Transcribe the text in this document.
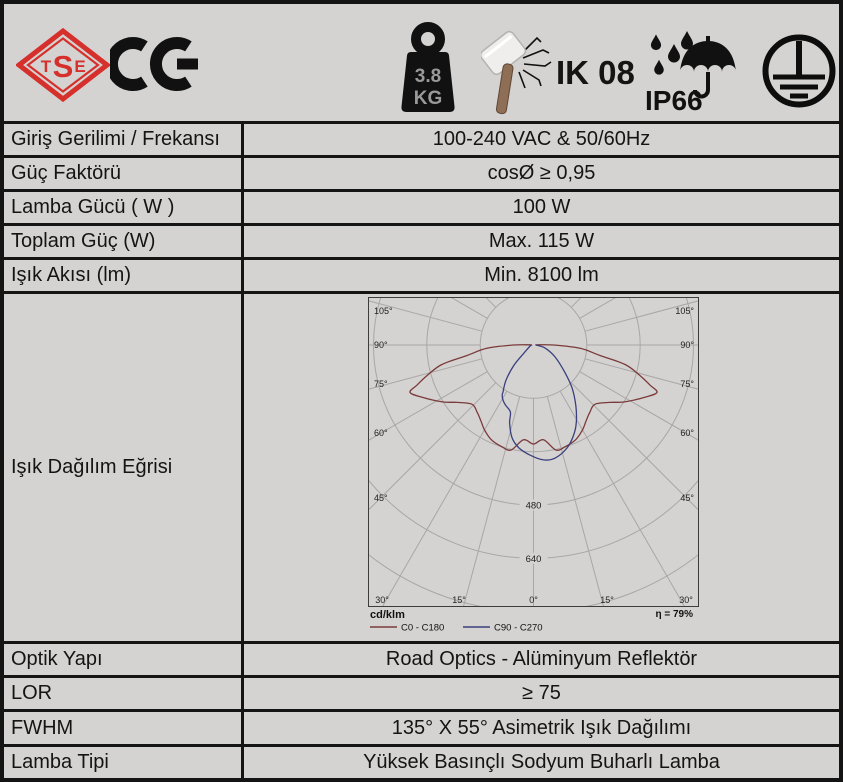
T S E	3.8
KG
IK 08
IP66
Giriş Gerilimi / Frekansı	100-240 VAC & 50/60Hz
Güç Faktörü	cosØ ≥ 0,95
Lamba Gücü ( W )	100 W
Toplam Güç (W)	Max. 115 W
Işık Akısı (lm)	Min. 8100 lm
Işık Dağılım Eğrisi
105°
90°
75°
60°
45°
105°
90°
75°
60°
45°
30°	15°	0°	15°	30°
480
640
cd/klm	η = 79%
C0 - C180	C90 - C270
Optik Yapı	Road Optics - Alüminyum Reflektör
LOR	≥ 75
FWHM	135° X 55° Asimetrik Işık Dağılımı
Lamba Tipi	Yüksek Basınçlı Sodyum Buharlı Lamba
